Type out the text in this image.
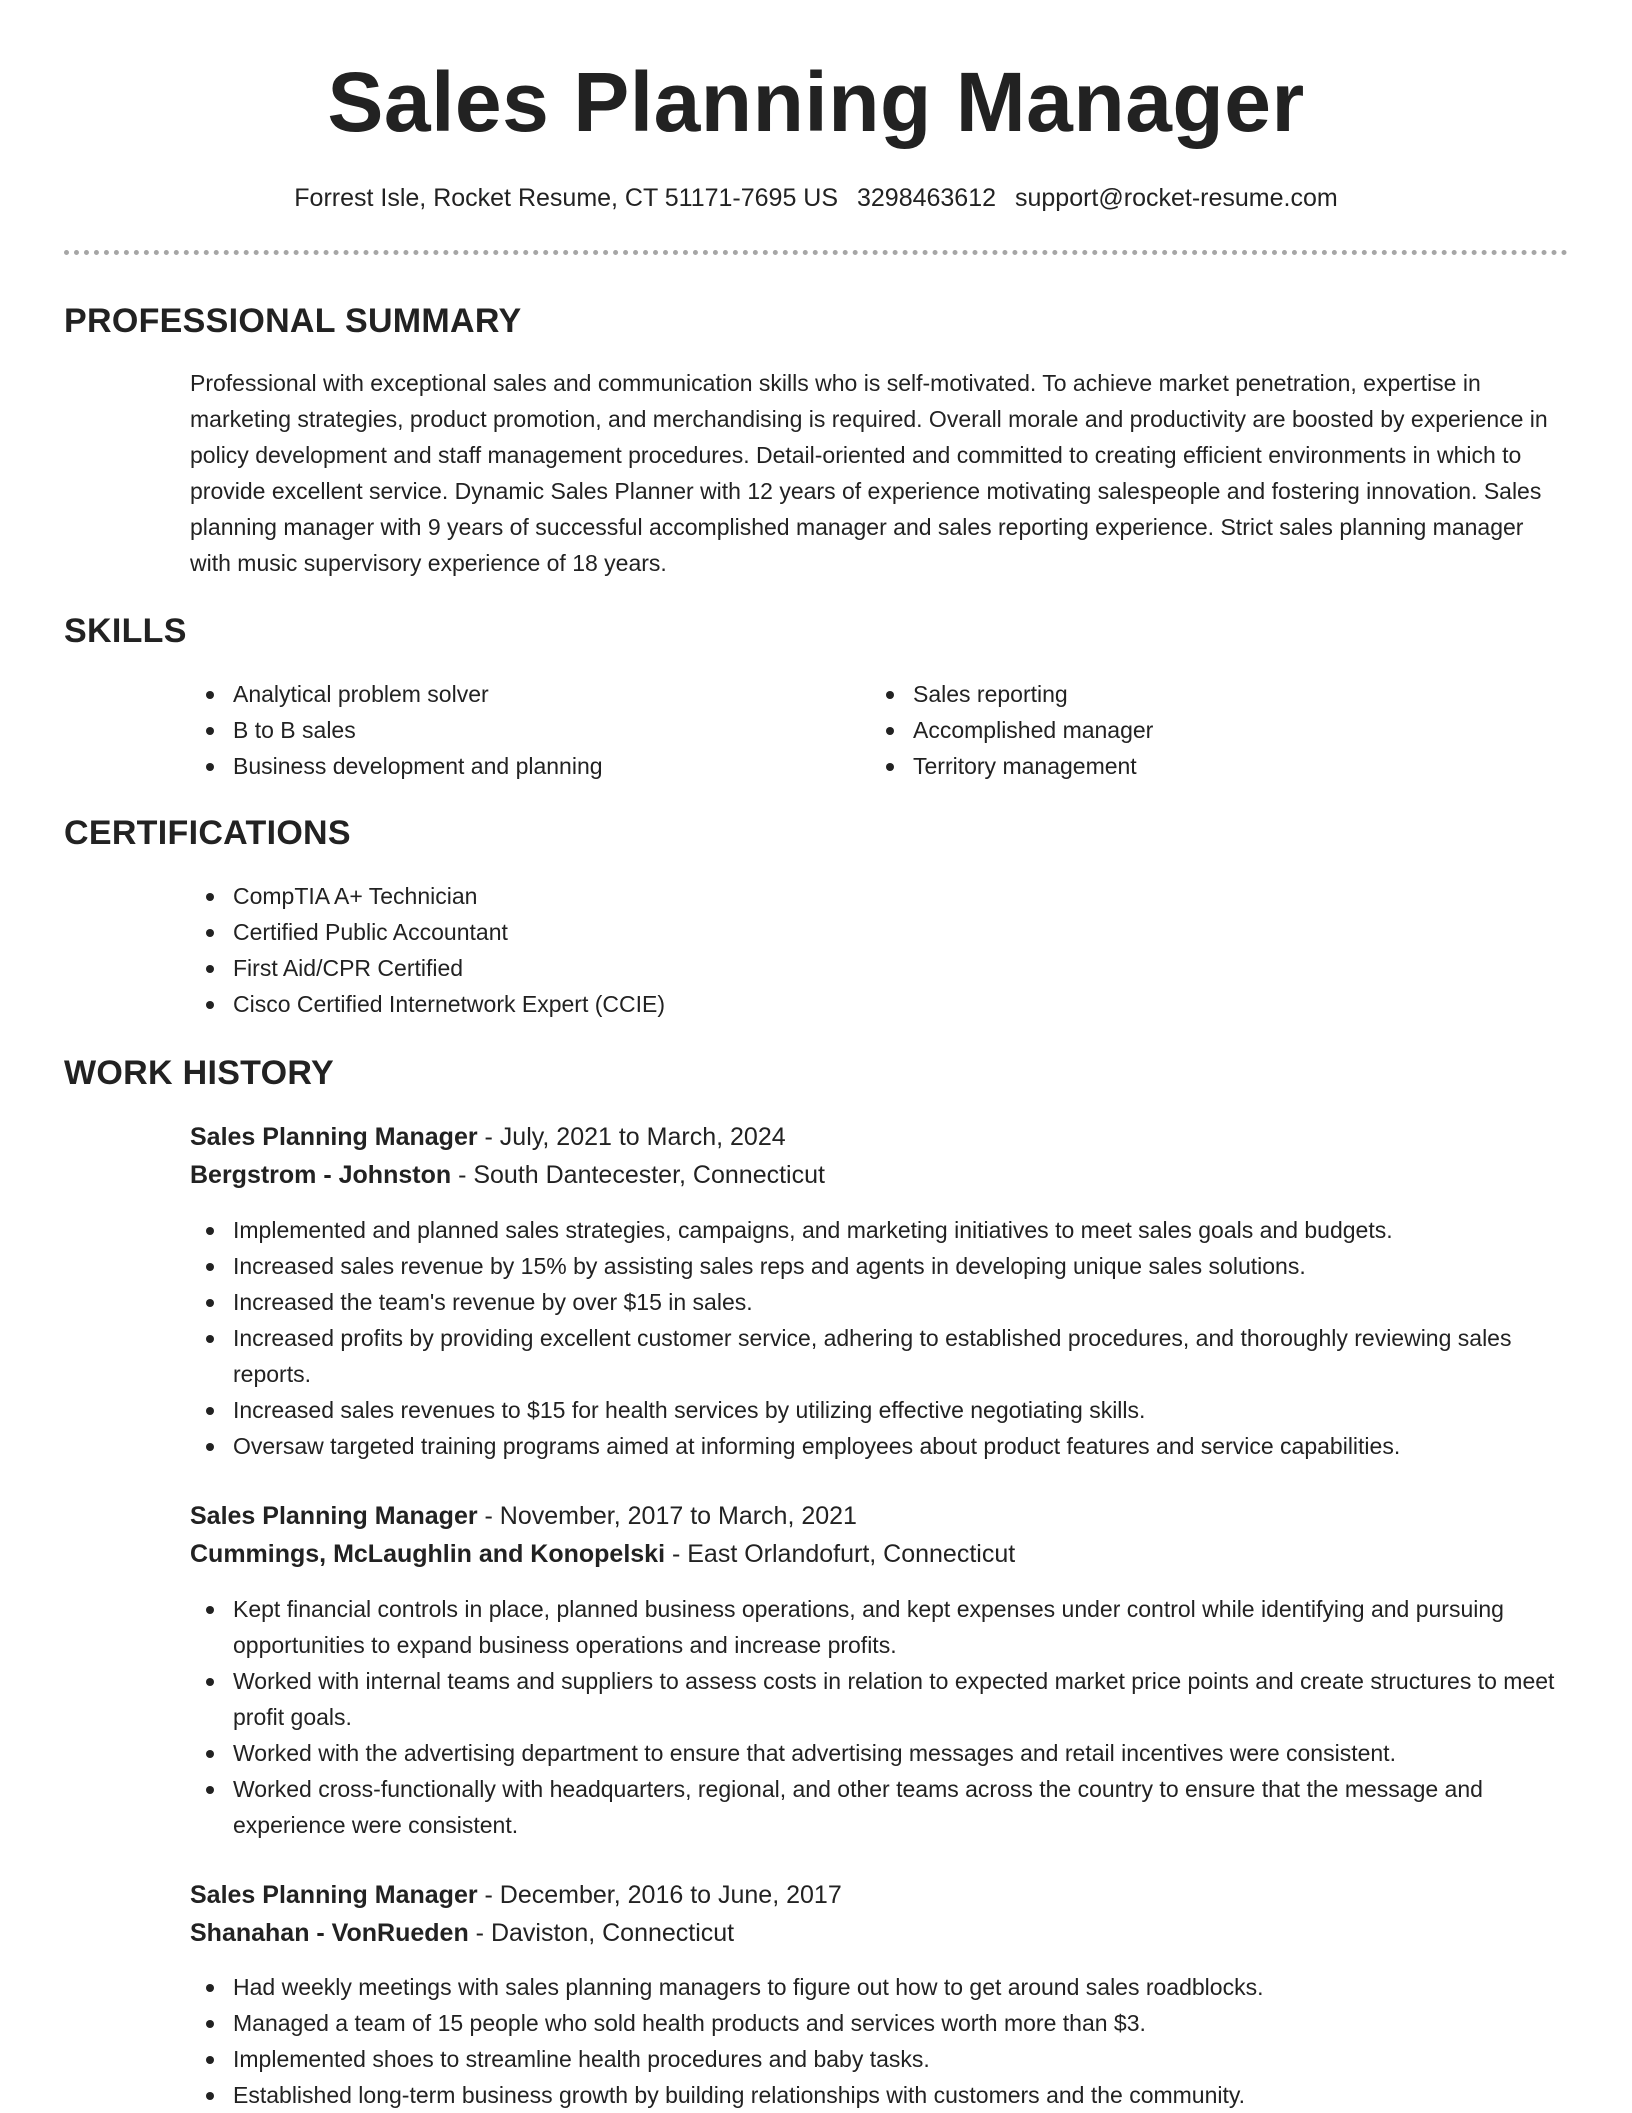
Sales Planning Manager
Forrest Isle, Rocket Resume, CT 51171-7695 US 3298463612 support@rocket-resume.com
PROFESSIONAL SUMMARY
Professional with exceptional sales and communication skills who is self-motivated. To achieve market penetration, expertise in marketing strategies, product promotion, and merchandising is required. Overall morale and productivity are boosted by experience in policy development and staff management procedures. Detail-oriented and committed to creating efficient environments in which to provide excellent service. Dynamic Sales Planner with 12 years of experience motivating salespeople and fostering innovation. Sales planning manager with 9 years of successful accomplished manager and sales reporting experience. Strict sales planning manager with music supervisory experience of 18 years.
SKILLS
Analytical problem solver
B to B sales
Business development and planning
Sales reporting
Accomplished manager
Territory management
CERTIFICATIONS
CompTIA A+ Technician
Certified Public Accountant
First Aid/CPR Certified
Cisco Certified Internetwork Expert (CCIE)
WORK HISTORY
Sales Planning Manager - July, 2021 to March, 2024
Bergstrom - Johnston - South Dantecester, Connecticut
Implemented and planned sales strategies, campaigns, and marketing initiatives to meet sales goals and budgets.
Increased sales revenue by 15% by assisting sales reps and agents in developing unique sales solutions.
Increased the team's revenue by over $15 in sales.
Increased profits by providing excellent customer service, adhering to established procedures, and thoroughly reviewing sales reports.
Increased sales revenues to $15 for health services by utilizing effective negotiating skills.
Oversaw targeted training programs aimed at informing employees about product features and service capabilities.
Sales Planning Manager - November, 2017 to March, 2021
Cummings, McLaughlin and Konopelski - East Orlandofurt, Connecticut
Kept financial controls in place, planned business operations, and kept expenses under control while identifying and pursuing opportunities to expand business operations and increase profits.
Worked with internal teams and suppliers to assess costs in relation to expected market price points and create structures to meet profit goals.
Worked with the advertising department to ensure that advertising messages and retail incentives were consistent.
Worked cross-functionally with headquarters, regional, and other teams across the country to ensure that the message and experience were consistent.
Sales Planning Manager - December, 2016 to June, 2017
Shanahan - VonRueden - Daviston, Connecticut
Had weekly meetings with sales planning managers to figure out how to get around sales roadblocks.
Managed a team of 15 people who sold health products and services worth more than $3.
Implemented shoes to streamline health procedures and baby tasks.
Established long-term business growth by building relationships with customers and the community.
